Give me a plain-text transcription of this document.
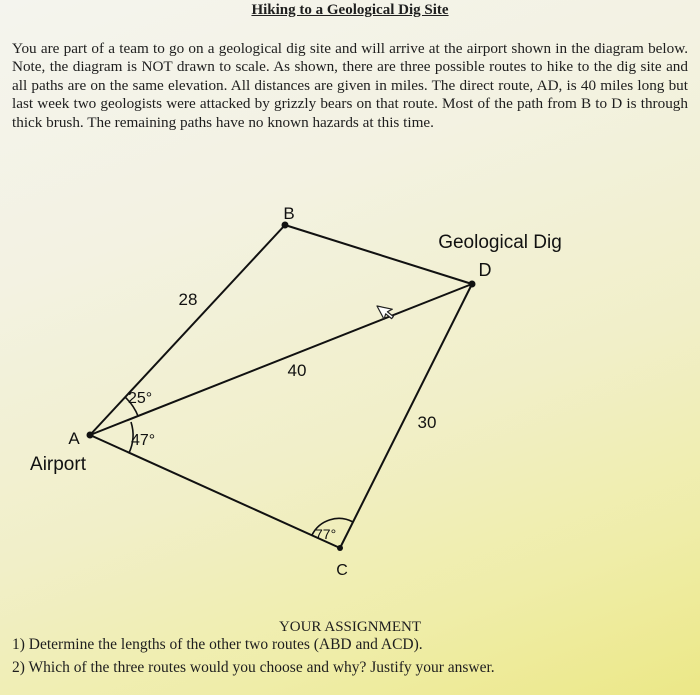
Hiking to a Geological Dig Site
You are part of a team to go on a geological dig site and will arrive at the airport shown in the diagram below. Note, the diagram is NOT drawn to scale. As shown, there are three possible routes to hike to the dig site and all paths are on the same elevation. All distances are given in miles. The direct route, AD, is 40 miles long but last week two geologists were attacked by grizzly bears on that route. Most of the path from B to D is through thick brush. The remaining paths have no known hazards at this time.
B
Geological Dig
D
28
40
30
25°
47°
77°
A
Airport
C
YOUR ASSIGNMENT
1) Determine the lengths of the other two routes (ABD and ACD).
2) Which of the three routes would you choose and why? Justify your answer.
